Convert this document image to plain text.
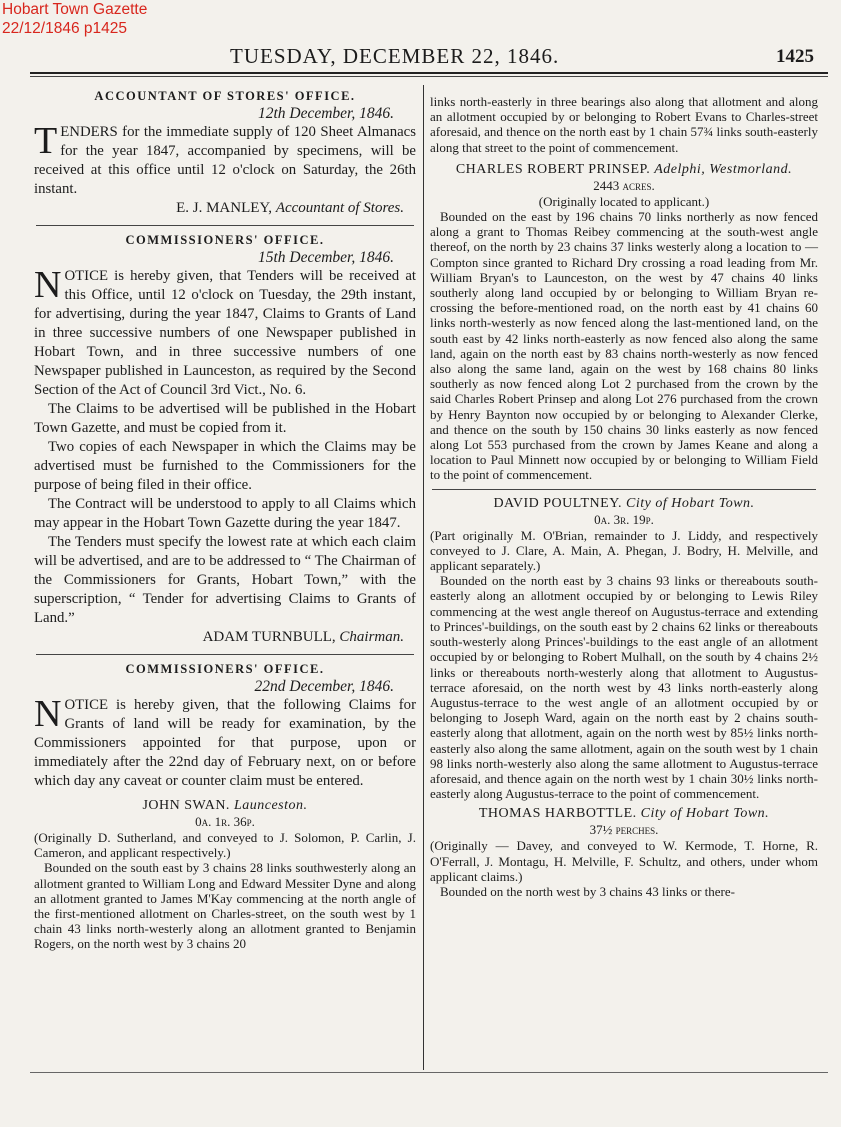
Hobart Town Gazette
22/12/1846 p1425
TUESDAY, DECEMBER 22, 1846.	1425
ACCOUNTANT OF STORES' OFFICE.
12th December, 1846.
TENDERS for the immediate supply of 120 Sheet Almanacs for the year 1847, accompanied by specimens, will be received at this office until 12 o'clock on Saturday, the 26th instant.
E. J. MANLEY, Accountant of Stores.
COMMISSIONERS' OFFICE.
15th December, 1846.
NOTICE is hereby given, that Tenders will be received at this Office, until 12 o'clock on Tuesday, the 29th instant, for advertising, during the year 1847, Claims to Grants of Land in three successive numbers of one Newspaper published in Hobart Town, and in three successive numbers of one Newspaper published in Launceston, as required by the Second Section of the Act of Council 3rd Vict., No. 6.

The Claims to be advertised will be published in the Hobart Town Gazette, and must be copied from it.

Two copies of each Newspaper in which the Claims may be advertised must be furnished to the Commissioners for the purpose of being filed in their office.

The Contract will be understood to apply to all Claims which may appear in the Hobart Town Gazette during the year 1847.

The Tenders must specify the lowest rate at which each claim will be advertised, and are to be addressed to “ The Chairman of the Commissioners for Grants, Hobart Town,” with the superscription, “ Tender for advertising Claims to Grants of Land.”

ADAM TURNBULL, Chairman.
COMMISSIONERS' OFFICE.
22nd December, 1846.
NOTICE is hereby given, that the following Claims for Grants of land will be ready for examination, by the Commissioners appointed for that purpose, upon or immediately after the 22nd day of February next, on or before which day any caveat or counter claim must be entered.
JOHN SWAN. Launceston.
0a. 1r. 36p.
(Originally D. Sutherland, and conveyed to J. Solomon, P. Carlin, J. Cameron, and applicant respectively.)

Bounded on the south east by 3 chains 28 links southwesterly along an allotment granted to William Long and Edward Messiter Dyne and along an allotment granted to James M'Kay commencing at the north angle of the first-mentioned allotment on Charles-street, on the south west by 1 chain 43 links north-westerly along an allotment granted to Benjamin Rogers, on the north west by 3 chains 20

links north-easterly in three bearings also along that allotment and along an allotment occupied by or belonging to Robert Evans to Charles-street aforesaid, and thence on the north east by 1 chain 57¾ links south-easterly along that street to the point of commencement.
CHARLES ROBERT PRINSEP. Adelphi, Westmorland.
2443 acres.
(Originally located to applicant.)

Bounded on the east by 196 chains 70 links northerly as now fenced along a grant to Thomas Reibey commencing at the south-west angle thereof, on the north by 23 chains 37 links westerly along a location to — Compton since granted to Richard Dry crossing a road leading from Mr. William Bryan's to Launceston, on the west by 47 chains 40 links southerly along land occupied by or belonging to William Bryan re-crossing the before-mentioned road, on the north east by 41 chains 60 links north-westerly as now fenced along the last-mentioned land, on the south east by 42 links north-easterly as now fenced also along the same land, again on the north east by 83 chains north-westerly as now fenced also along the same land, again on the west by 168 chains 80 links southerly as now fenced along Lot 2 purchased from the crown by the said Charles Robert Prinsep and along Lot 276 purchased from the crown by Henry Baynton now occupied by or belonging to Alexander Clerke, and thence on the south by 150 chains 30 links easterly as now fenced along Lot 553 purchased from the crown by James Keane and along a location to Paul Minnett now occupied by or belonging to William Field to the point of commencement.

DAVID POULTNEY. City of Hobart Town.
0a. 3r. 19p.
(Part originally M. O'Brian, remainder to J. Liddy, and respectively conveyed to J. Clare, A. Main, A. Phegan, J. Bodry, H. Melville, and applicant separately.)

Bounded on the north east by 3 chains 93 links or thereabouts south-easterly along an allotment occupied by or belonging to Lewis Riley commencing at the west angle thereof on Augustus-terrace and extending to Princes'-buildings, on the south east by 2 chains 62 links or thereabouts south-westerly along Princes'-buildings to the east angle of an allotment occupied by or belonging to Robert Mulhall, on the south by 4 chains 2½ links or thereabouts north-westerly along that allotment to Augustus-terrace aforesaid, on the north west by 43 links north-easterly along Augustus-terrace to the west angle of an allotment occupied by or belonging to Joseph Ward, again on the north east by 2 chains south-easterly along that allotment, again on the north west by 85½ links north-easterly also along the same allotment, again on the south west by 1 chain 98 links north-westerly also along the same allotment to Augustus-terrace aforesaid, and thence again on the north west by 1 chain 30½ links north-easterly along Augustus-terrace to the point of commencement.

THOMAS HARBOTTLE. City of Hobart Town.
37½ perches.
(Originally — Davey, and conveyed to W. Kermode, T. Horne, R. O'Ferrall, J. Montagu, H. Melville, F. Schultz, and others, under whom applicant claims.)

Bounded on the north west by 3 chains 43 links or there-
